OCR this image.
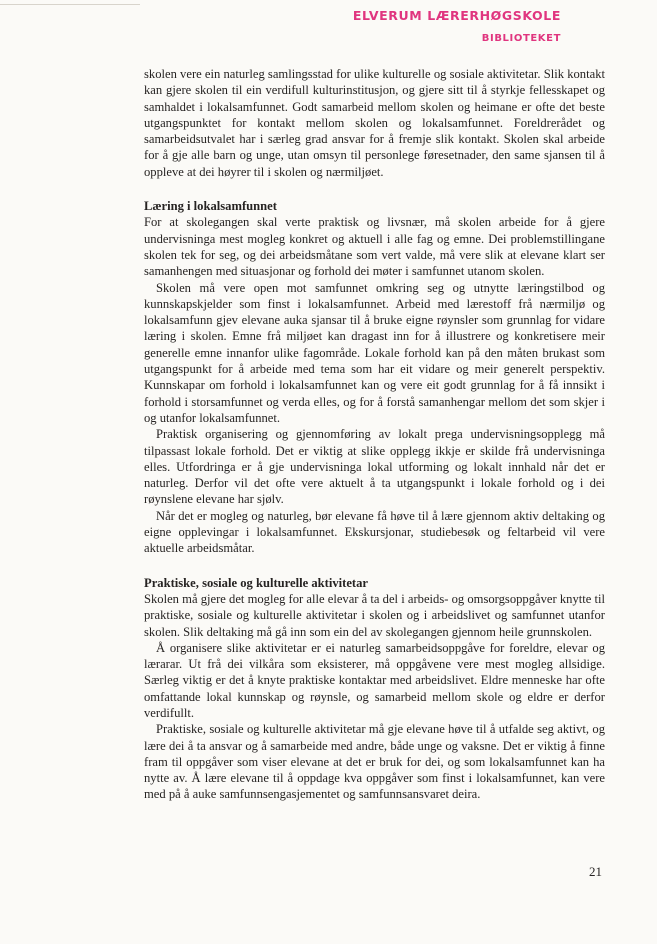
ELVERUM LÆRERHØGSKOLE
BIBLIOTEKET

skolen vere ein naturleg samlingsstad for ulike kulturelle og sosiale aktivitetar. Slik kontakt kan gjere skolen til ein verdifull kulturinstitusjon, og gjere sitt til å styrkje fellesskapet og samhaldet i lokalsamfunnet. Godt samarbeid mellom skolen og heimane er ofte det beste utgangspunktet for kontakt mellom skolen og lokalsamfunnet. Foreldrerådet og samarbeidsutvalet har i særleg grad ansvar for å fremje slik kontakt. Skolen skal arbeide for å gje alle barn og unge, utan omsyn til personlege føresetnader, den same sjansen til å oppleve at dei høyrer til i skolen og nærmiljøet.

Læring i lokalsamfunnet

For at skolegangen skal verte praktisk og livsnær, må skolen arbeide for å gjere undervisninga mest mogleg konkret og aktuell i alle fag og emne. Dei problemstillingane skolen tek for seg, og dei arbeidsmåtane som vert valde, må vere slik at elevane klart ser samanhengen med situasjonar og forhold dei møter i samfunnet utanom skolen.

Skolen må vere open mot samfunnet omkring seg og utnytte læringstilbod og kunnskapskjelder som finst i lokalsamfunnet. Arbeid med lærestoff frå nærmiljø og lokalsamfunn gjev elevane auka sjansar til å bruke eigne røynsler som grunnlag for vidare læring i skolen. Emne frå miljøet kan dragast inn for å illustrere og konkretisere meir generelle emne innanfor ulike fagområde. Lokale forhold kan på den måten brukast som utgangspunkt for å arbeide med tema som har eit vidare og meir generelt perspektiv. Kunnskapar om forhold i lokalsamfunnet kan og vere eit godt grunnlag for å få innsikt i forhold i storsamfunnet og verda elles, og for å forstå samanhengar mellom det som skjer i og utanfor lokalsamfunnet.

Praktisk organisering og gjennomføring av lokalt prega undervisningsopplegg må tilpassast lokale forhold. Det er viktig at slike opplegg ikkje er skilde frå undervisninga elles. Utfordringa er å gje undervisninga lokal utforming og lokalt innhald når det er naturleg. Derfor vil det ofte vere aktuelt å ta utgangspunkt i lokale forhold og i dei røynslene elevane har sjølv.

Når det er mogleg og naturleg, bør elevane få høve til å lære gjennom aktiv deltaking og eigne opplevingar i lokalsamfunnet. Ekskursjonar, studiebesøk og feltarbeid vil vere aktuelle arbeidsmåtar.

Praktiske, sosiale og kulturelle aktivitetar

Skolen må gjere det mogleg for alle elevar å ta del i arbeids- og omsorgsoppgåver knytte til praktiske, sosiale og kulturelle aktivitetar i skolen og i arbeidslivet og samfunnet utanfor skolen. Slik deltaking må gå inn som ein del av skolegangen gjennom heile grunnskolen.

Å organisere slike aktivitetar er ei naturleg samarbeidsoppgåve for foreldre, elevar og lærarar. Ut frå dei vilkåra som eksisterer, må oppgåvene vere mest mogleg allsidige. Særleg viktig er det å knyte praktiske kontaktar med arbeidslivet. Eldre menneske har ofte omfattande lokal kunnskap og røynsle, og samarbeid mellom skole og eldre er derfor verdifullt.

Praktiske, sosiale og kulturelle aktivitetar må gje elevane høve til å utfalde seg aktivt, og lære dei å ta ansvar og å samarbeide med andre, både unge og vaksne. Det er viktig å finne fram til oppgåver som viser elevane at det er bruk for dei, og som lokalsamfunnet kan ha nytte av. Å lære elevane til å oppdage kva oppgåver som finst i lokalsamfunnet, kan vere med på å auke samfunnsengasjementet og samfunnsansvaret deira.

21
